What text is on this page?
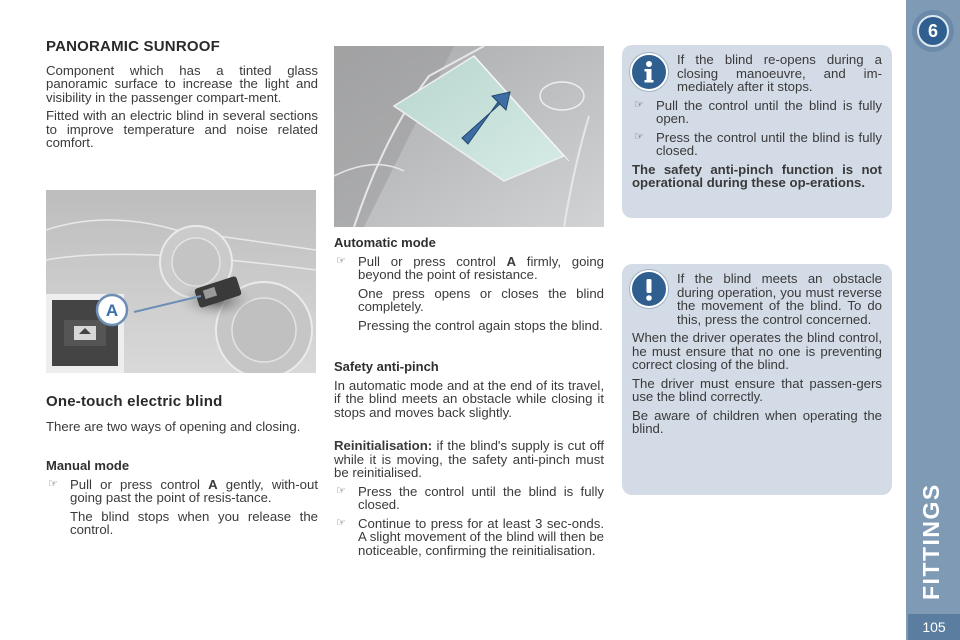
PANORAMIC SUNROOF

Component which has a tinted glass panoramic surface to increase the light and visibility in the passenger compart-ment.

Fitted with an electric blind in several sections to improve temperature and noise related comfort.

A
One-touch electric blind

There are two ways of opening and closing.

Manual mode
☞ Pull or press control A gently, with-out going past the point of resis-tance.
The blind stops when you release the control.
Automatic mode
☞ Pull or press control A firmly, going beyond the point of resistance.
One press opens or closes the blind completely.
Pressing the control again stops the blind.
Safety anti-pinch

In automatic mode and at the end of its travel, if the blind meets an obstacle while closing it stops and moves back slightly.

Reinitialisation: if the blind's supply is cut off while it is moving, the safety anti-pinch must be reinitialised.

☞ Press the control until the blind is fully closed.
☞ Continue to press for at least 3 sec-onds. A slight movement of the blind will then be noticeable, confirming the reinitialisation.

If the blind re-opens during a closing manoeuvre, and im-mediately after it stops.

☞ Pull the control until the blind is fully open.
☞ Press the control until the blind is fully closed.

The safety anti-pinch function is not operational during these op-erations.

If the blind meets an obstacle during operation, you must reverse the movement of the blind. To do this, press the control concerned.

When the driver operates the blind control, he must ensure that no one is preventing correct closing of the blind.

The driver must ensure that passen-gers use the blind correctly.

Be aware of children when operating the blind.

6
FITTINGS
105
